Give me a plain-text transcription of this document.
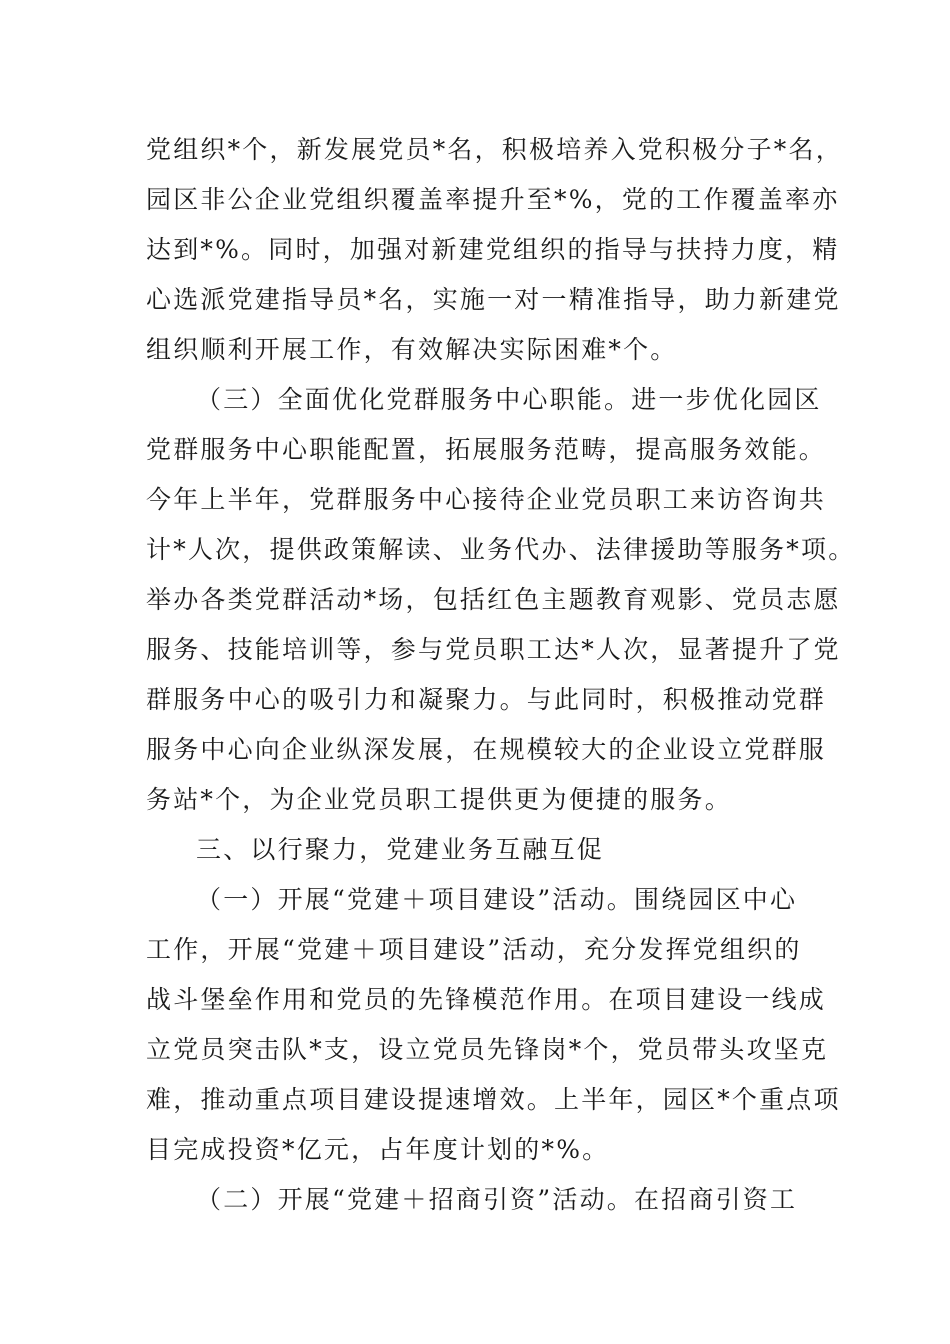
党组织*个，新发展党员*名，积极培养入党积极分子*名，
园区非公企业党组织覆盖率提升至*%，党的工作覆盖率亦
达到*%。同时，加强对新建党组织的指导与扶持力度，精
心选派党建指导员*名，实施一对一精准指导，助力新建党
组织顺利开展工作，有效解决实际困难*个。
（三）全面优化党群服务中心职能。进一步优化园区
党群服务中心职能配置，拓展服务范畴，提高服务效能。
今年上半年，党群服务中心接待企业党员职工来访咨询共
计*人次，提供政策解读、业务代办、法律援助等服务*项。
举办各类党群活动*场，包括红色主题教育观影、党员志愿
服务、技能培训等，参与党员职工达*人次，显著提升了党
群服务中心的吸引力和凝聚力。与此同时，积极推动党群
服务中心向企业纵深发展，在规模较大的企业设立党群服
务站*个，为企业党员职工提供更为便捷的服务。
三、以行聚力，党建业务互融互促
（一）开展“党建＋项目建设”活动。围绕园区中心
工作，开展“党建＋项目建设”活动，充分发挥党组织的
战斗堡垒作用和党员的先锋模范作用。在项目建设一线成
立党员突击队*支，设立党员先锋岗*个，党员带头攻坚克
难，推动重点项目建设提速增效。上半年，园区*个重点项
目完成投资*亿元，占年度计划的*%。
（二）开展“党建＋招商引资”活动。在招商引资工
